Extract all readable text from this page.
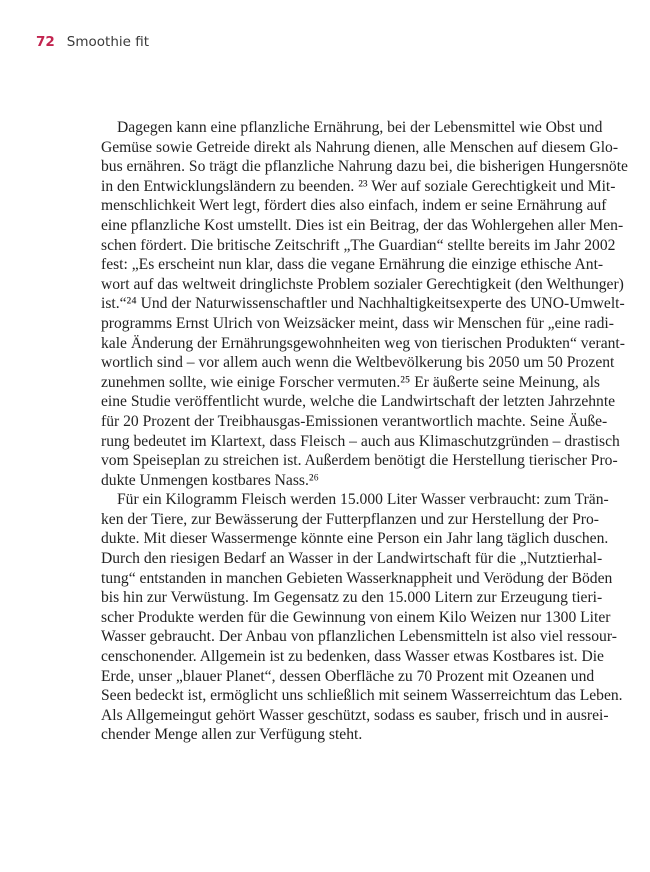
72 Smoothie fit
Dagegen kann eine pflanzliche Ernährung, bei der Lebensmittel wie Obst und
Gemüse sowie Getreide direkt als Nahrung dienen, alle Menschen auf diesem Glo-
bus ernähren. So trägt die pflanzliche Nahrung dazu bei, die bisherigen Hungersnöte
in den Entwicklungsländern zu beenden. ²³ Wer auf soziale Gerechtigkeit und Mit-
menschlichkeit Wert legt, fördert dies also einfach, indem er seine Ernährung auf
eine pflanzliche Kost umstellt. Dies ist ein Beitrag, der das Wohlergehen aller Men-
schen fördert. Die britische Zeitschrift „The Guardian“ stellte bereits im Jahr 2002
fest: „Es erscheint nun klar, dass die vegane Ernährung die einzige ethische Ant-
wort auf das weltweit dringlichste Problem sozialer Gerechtigkeit (den Welthunger)
ist.“²⁴ Und der Naturwissenschaftler und Nachhaltigkeitsexperte des UNO-Umwelt-
programms Ernst Ulrich von Weizsäcker meint, dass wir Menschen für „eine radi-
kale Änderung der Ernährungsgewohnheiten weg von tierischen Produkten“ verant-
wortlich sind – vor allem auch wenn die Weltbevölkerung bis 2050 um 50 Prozent
zunehmen sollte, wie einige Forscher vermuten.²⁵ Er äußerte seine Meinung, als
eine Studie veröffentlicht wurde, welche die Landwirtschaft der letzten Jahrzehnte
für 20 Prozent der Treibhausgas-Emissionen verantwortlich machte. Seine Äuße-
rung bedeutet im Klartext, dass Fleisch – auch aus Klimaschutzgründen – drastisch
vom Speiseplan zu streichen ist. Außerdem benötigt die Herstellung tierischer Pro-
dukte Unmengen kostbares Nass.²⁶
Für ein Kilogramm Fleisch werden 15.000 Liter Wasser verbraucht: zum Trän-
ken der Tiere, zur Bewässerung der Futterpflanzen und zur Herstellung der Pro-
dukte. Mit dieser Wassermenge könnte eine Person ein Jahr lang täglich duschen.
Durch den riesigen Bedarf an Wasser in der Landwirtschaft für die „Nutztierhal-
tung“ entstanden in manchen Gebieten Wasserknappheit und Verödung der Böden
bis hin zur Verwüstung. Im Gegensatz zu den 15.000 Litern zur Erzeugung tieri-
scher Produkte werden für die Gewinnung von einem Kilo Weizen nur 1300 Liter
Wasser gebraucht. Der Anbau von pflanzlichen Lebensmitteln ist also viel ressour-
censchonender. Allgemein ist zu bedenken, dass Wasser etwas Kostbares ist. Die
Erde, unser „blauer Planet“, dessen Oberfläche zu 70 Prozent mit Ozeanen und
Seen bedeckt ist, ermöglicht uns schließlich mit seinem Wasserreichtum das Leben.
Als Allgemeingut gehört Wasser geschützt, sodass es sauber, frisch und in ausrei-
chender Menge allen zur Verfügung steht.
